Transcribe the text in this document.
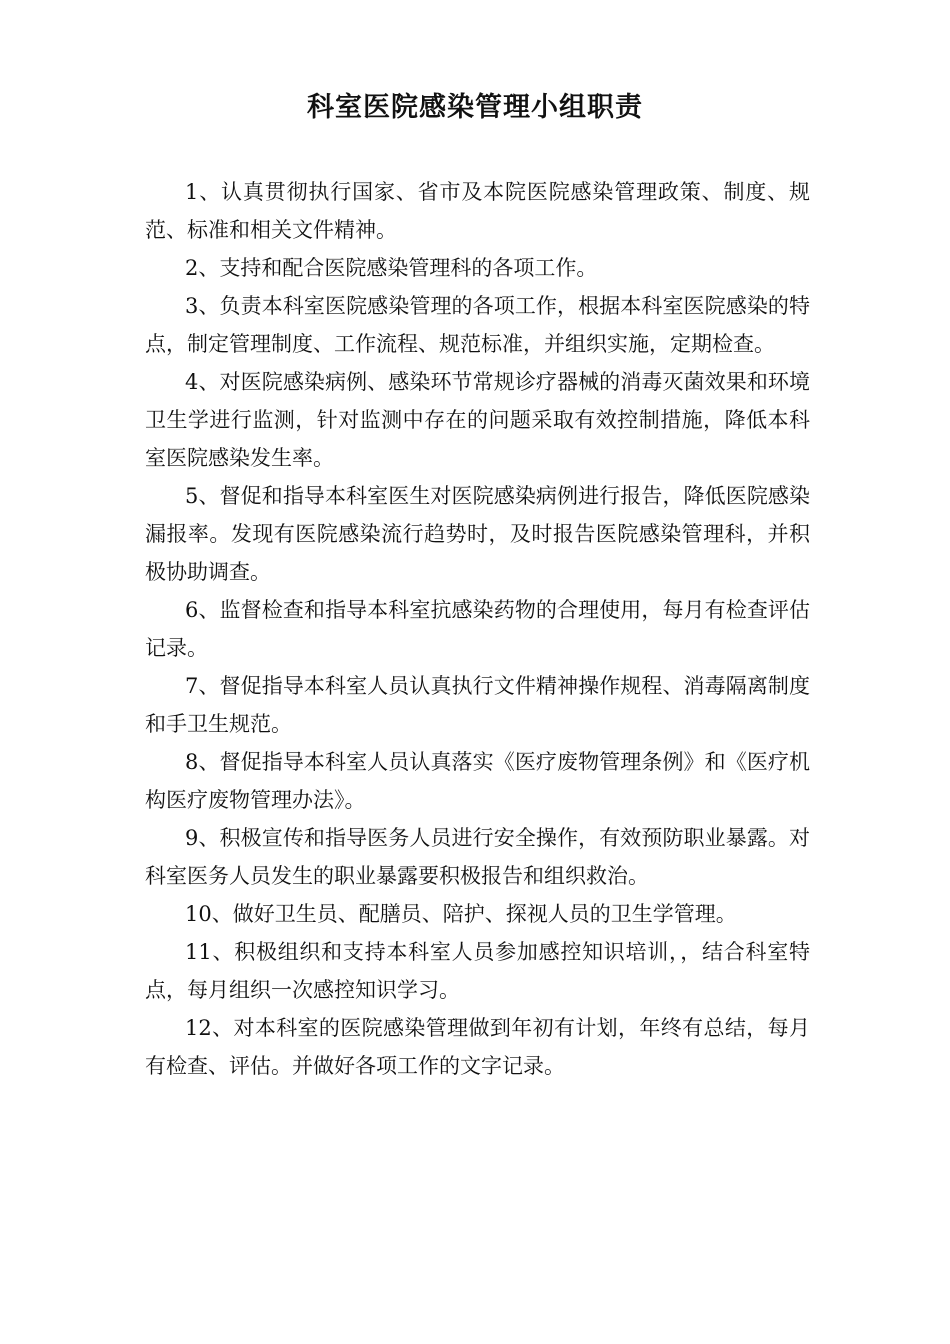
科室医院感染管理小组职责

1、认真贯彻执行国家、省市及本院医院感染管理政策、制度、规范、标准和相关文件精神。

2、支持和配合医院感染管理科的各项工作。

3、负责本科室医院感染管理的各项工作，根据本科室医院感染的特点，制定管理制度、工作流程、规范标准，并组织实施，定期检查。

4、对医院感染病例、感染环节常规诊疗器械的消毒灭菌效果和环境卫生学进行监测，针对监测中存在的问题采取有效控制措施，降低本科室医院感染发生率。

5、督促和指导本科室医生对医院感染病例进行报告，降低医院感染漏报率。发现有医院感染流行趋势时，及时报告医院感染管理科，并积极协助调查。

6、监督检查和指导本科室抗感染药物的合理使用，每月有检查评估记录。

7、督促指导本科室人员认真执行文件精神操作规程、消毒隔离制度和手卫生规范。

8、督促指导本科室人员认真落实《医疗废物管理条例》和《医疗机构医疗废物管理办法》。

9、积极宣传和指导医务人员进行安全操作，有效预防职业暴露。对科室医务人员发生的职业暴露要积极报告和组织救治。

10、做好卫生员、配膳员、陪护、探视人员的卫生学管理。

11、积极组织和支持本科室人员参加感控知识培训，，结合科室特点，每月组织一次感控知识学习。

12、对本科室的医院感染管理做到年初有计划，年终有总结，每月有检查、评估。并做好各项工作的文字记录。
